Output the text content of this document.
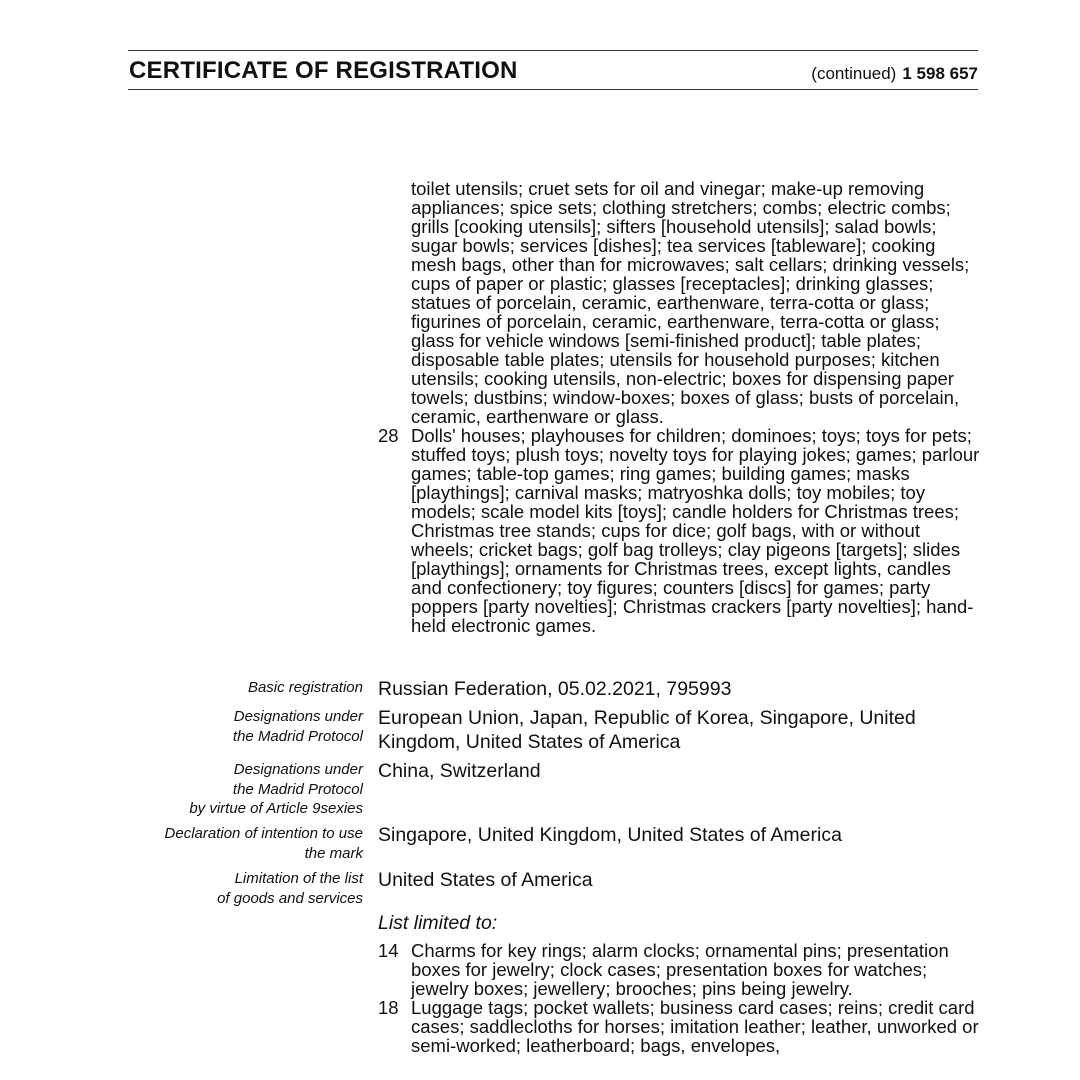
CERTIFICATE OF REGISTRATION	(continued) 1 598 657
toilet utensils; cruet sets for oil and vinegar; make-up removing appliances; spice sets; clothing stretchers; combs; electric combs; grills [cooking utensils]; sifters [household utensils]; salad bowls; sugar bowls; services [dishes]; tea services [tableware]; cooking mesh bags, other than for microwaves; salt cellars; drinking vessels; cups of paper or plastic; glasses [receptacles]; drinking glasses; statues of porcelain, ceramic, earthenware, terra-cotta or glass; figurines of porcelain, ceramic, earthenware, terra-cotta or glass; glass for vehicle windows [semi-finished product]; table plates; disposable table plates; utensils for household purposes; kitchen utensils; cooking utensils, non-electric; boxes for dispensing paper towels; dustbins; window-boxes; boxes of glass; busts of porcelain, ceramic, earthenware or glass.
28 Dolls' houses; playhouses for children; dominoes; toys; toys for pets; stuffed toys; plush toys; novelty toys for playing jokes; games; parlour games; table-top games; ring games; building games; masks [playthings]; carnival masks; matryoshka dolls; toy mobiles; toy models; scale model kits [toys]; candle holders for Christmas trees; Christmas tree stands; cups for dice; golf bags, with or without wheels; cricket bags; golf bag trolleys; clay pigeons [targets]; slides [playthings]; ornaments for Christmas trees, except lights, candles and confectionery; toy figures; counters [discs] for games; party poppers [party novelties]; Christmas crackers [party novelties]; hand-held electronic games.
Basic registration Russian Federation, 05.02.2021, 795993
Designations under
the Madrid Protocol
European Union, Japan, Republic of Korea, Singapore, United
Kingdom, United States of America
Designations under
the Madrid Protocol
by virtue of Article 9sexies
China, Switzerland
Declaration of intention to use
the mark
Singapore, United Kingdom, United States of America
Limitation of the list
of goods and services
United States of America
List limited to:
14 Charms for key rings; alarm clocks; ornamental pins; presentation boxes for jewelry; clock cases; presentation boxes for watches; jewelry boxes; jewellery; brooches; pins being jewelry.
18 Luggage tags; pocket wallets; business card cases; reins; credit card cases; saddlecloths for horses; imitation leather; leather, unworked or semi-worked; leatherboard; bags, envelopes,
